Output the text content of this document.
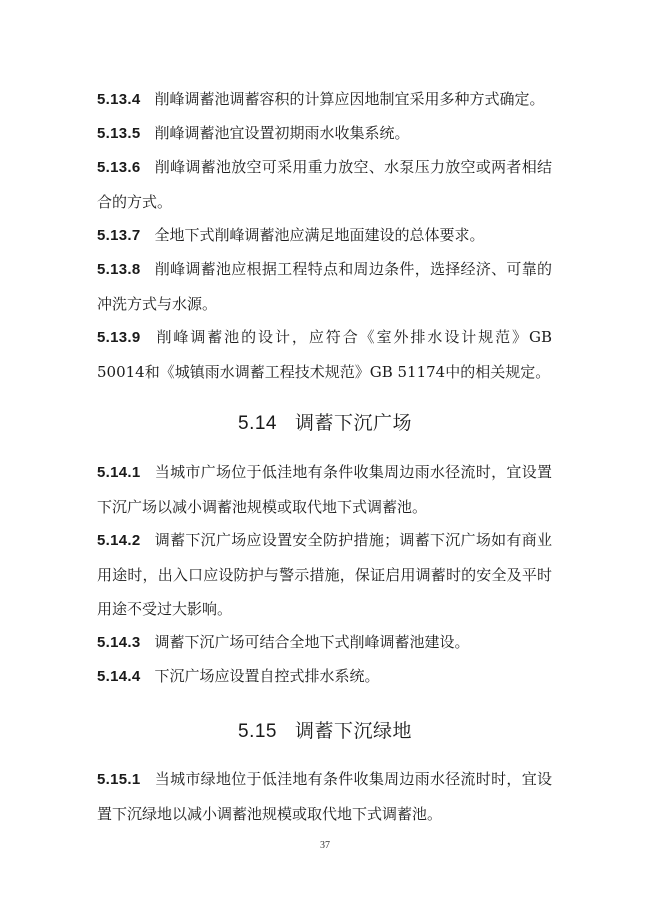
5.13.4 削峰调蓄池调蓄容积的计算应因地制宜采用多种方式确定。
5.13.5 削峰调蓄池宜设置初期雨水收集系统。
5.13.6 削峰调蓄池放空可采用重力放空、水泵压力放空或两者相结合的方式。
5.13.7 全地下式削峰调蓄池应满足地面建设的总体要求。
5.13.8 削峰调蓄池应根据工程特点和周边条件，选择经济、可靠的冲洗方式与水源。
5.13.9 削峰调蓄池的设计，应符合《室外排水设计规范》GB 50014和《城镇雨水调蓄工程技术规范》GB 51174中的相关规定。
5.14 调蓄下沉广场
5.14.1 当城市广场位于低洼地有条件收集周边雨水径流时，宜设置下沉广场以减小调蓄池规模或取代地下式调蓄池。
5.14.2 调蓄下沉广场应设置安全防护措施；调蓄下沉广场如有商业用途时，出入口应设防护与警示措施，保证启用调蓄时的安全及平时用途不受过大影响。
5.14.3 调蓄下沉广场可结合全地下式削峰调蓄池建设。
5.14.4 下沉广场应设置自控式排水系统。
5.15 调蓄下沉绿地
5.15.1 当城市绿地位于低洼地有条件收集周边雨水径流时时，宜设置下沉绿地以减小调蓄池规模或取代地下式调蓄池。
37
